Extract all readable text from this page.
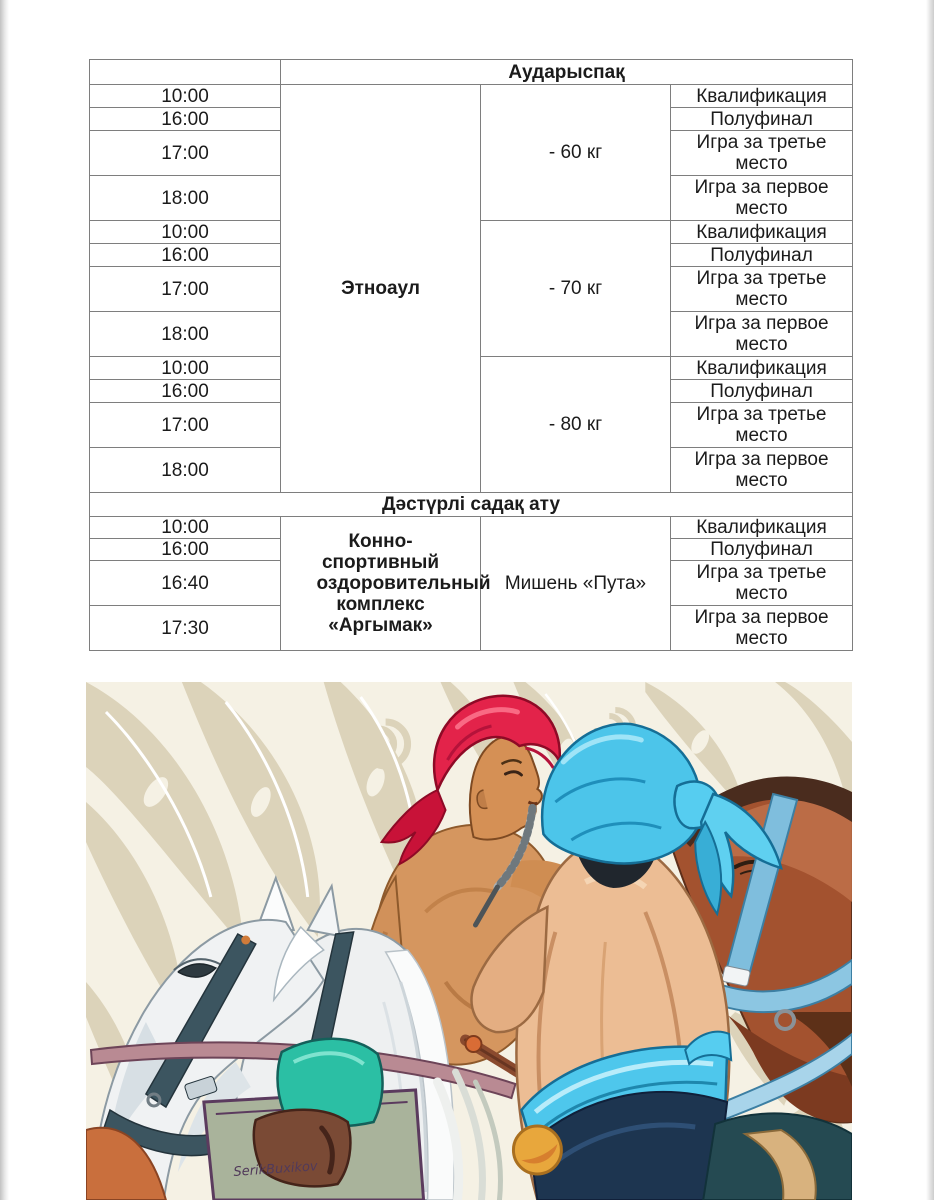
	Аударыспақ		
10:00	Этноаул	- 60 кг	Квалификация
16:00			Полуфинал
17:00			Игра за третье место
18:00			Игра за первое место
10:00		- 70 кг	Квалификация
16:00			Полуфинал
17:00			Игра за третье место
18:00			Игра за первое место
10:00		- 80 кг	Квалификация
16:00			Полуфинал
17:00			Игра за третье место
18:00			Игра за первое место
Дәстүрлі садақ ату			
10:00	Конно-спортивный оздоровительный комплекс «Аргымак»	Мишень «Пута»	Квалификация
16:00			Полуфинал
16:40			Игра за третье место
17:30			Игра за первое место
SerikBuxikov
